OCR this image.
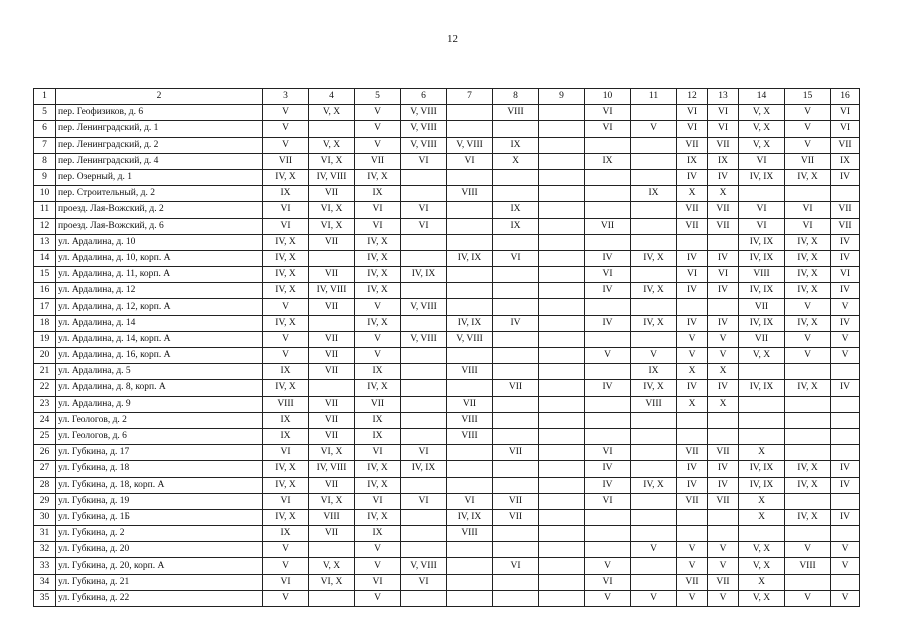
12
1	2	3	4	5	6	7	8	9	10	11	12	13	14	15	16
5	пер. Геофизиков, д. 6	V	V, X	V	V, VIII		VIII		VI		VI	VI	V, X	V	VI
6	пер. Ленинградский, д. 1	V		V	V, VIII				VI	V	VI	VI	V, X	V	VI
7	пер. Ленинградский, д. 2	V	V, X	V	V, VIII	V, VIII	IX				VII	VII	V, X	V	VII
8	пер. Ленинградский, д. 4	VII	VI, X	VII	VI	VI	X		IX		IX	IX	VI	VII	IX
9	пер. Озерный, д. 1	IV, X	IV, VIII	IV, X							IV	IV	IV, IX	IV, X	IV
10	пер. Строительный, д. 2	IX	VII	IX		VIII				IX	X	X			
11	проезд. Лая-Вожский, д. 2	VI	VI, X	VI	VI		IX				VII	VII	VI	VI	VII
12	проезд. Лая-Вожский, д. 6	VI	VI, X	VI	VI		IX		VII		VII	VII	VI	VI	VII
13	ул. Ардалина, д. 10	IV, X	VII	IV, X									IV, IX	IV, X	IV
14	ул. Ардалина, д. 10, корп. А	IV, X		IV, X		IV, IX	VI		IV	IV, X	IV	IV	IV, IX	IV, X	IV
15	ул. Ардалина, д. 11, корп. А	IV, X	VII	IV, X	IV, IX				VI		VI	VI	VIII	IV, X	VI
16	ул. Ардалина, д. 12	IV, X	IV, VIII	IV, X					IV	IV, X	IV	IV	IV, IX	IV, X	IV
17	ул. Ардалина, д. 12, корп. А	V	VII	V	V, VIII								VII	V	V
18	ул. Ардалина, д. 14	IV, X		IV, X		IV, IX	IV		IV	IV, X	IV	IV	IV, IX	IV, X	IV
19	ул. Ардалина, д. 14, корп. А	V	VII	V	V, VIII	V, VIII					V	V	VII	V	V
20	ул. Ардалина, д. 16, корп. А	V	VII	V					V	V	V	V	V, X	V	V
21	ул. Ардалина, д. 5	IX	VII	IX		VIII				IX	X	X			
22	ул. Ардалина, д. 8, корп. А	IV, X		IV, X			VII		IV	IV, X	IV	IV	IV, IX	IV, X	IV
23	ул. Ардалина, д. 9	VIII	VII	VII		VII				VIII	X	X			
24	ул. Геологов, д. 2	IX	VII	IX		VIII									
25	ул. Геологов, д. 6	IX	VII	IX		VIII									
26	ул. Губкина, д. 17	VI	VI, X	VI	VI		VII		VI		VII	VII	X		
27	ул. Губкина, д. 18	IV, X	IV, VIII	IV, X	IV, IX				IV		IV	IV	IV, IX	IV, X	IV
28	ул. Губкина, д. 18, корп. А	IV, X	VII	IV, X					IV	IV, X	IV	IV	IV, IX	IV, X	IV
29	ул. Губкина, д. 19	VI	VI, X	VI	VI	VI	VII		VI		VII	VII	X		
30	ул. Губкина, д. 1Б	IV, X	VIII	IV, X		IV, IX	VII						X	IV, X	IV
31	ул. Губкина, д. 2	IX	VII	IX		VIII									
32	ул. Губкина, д. 20	V		V						V	V	V	V, X	V	V
33	ул. Губкина, д. 20, корп. А	V	V, X	V	V, VIII		VI		V		V	V	V, X	VIII	V
34	ул. Губкина, д. 21	VI	VI, X	VI	VI				VI		VII	VII	X		
35	ул. Губкина, д. 22	V		V					V	V	V	V	V, X	V	V
